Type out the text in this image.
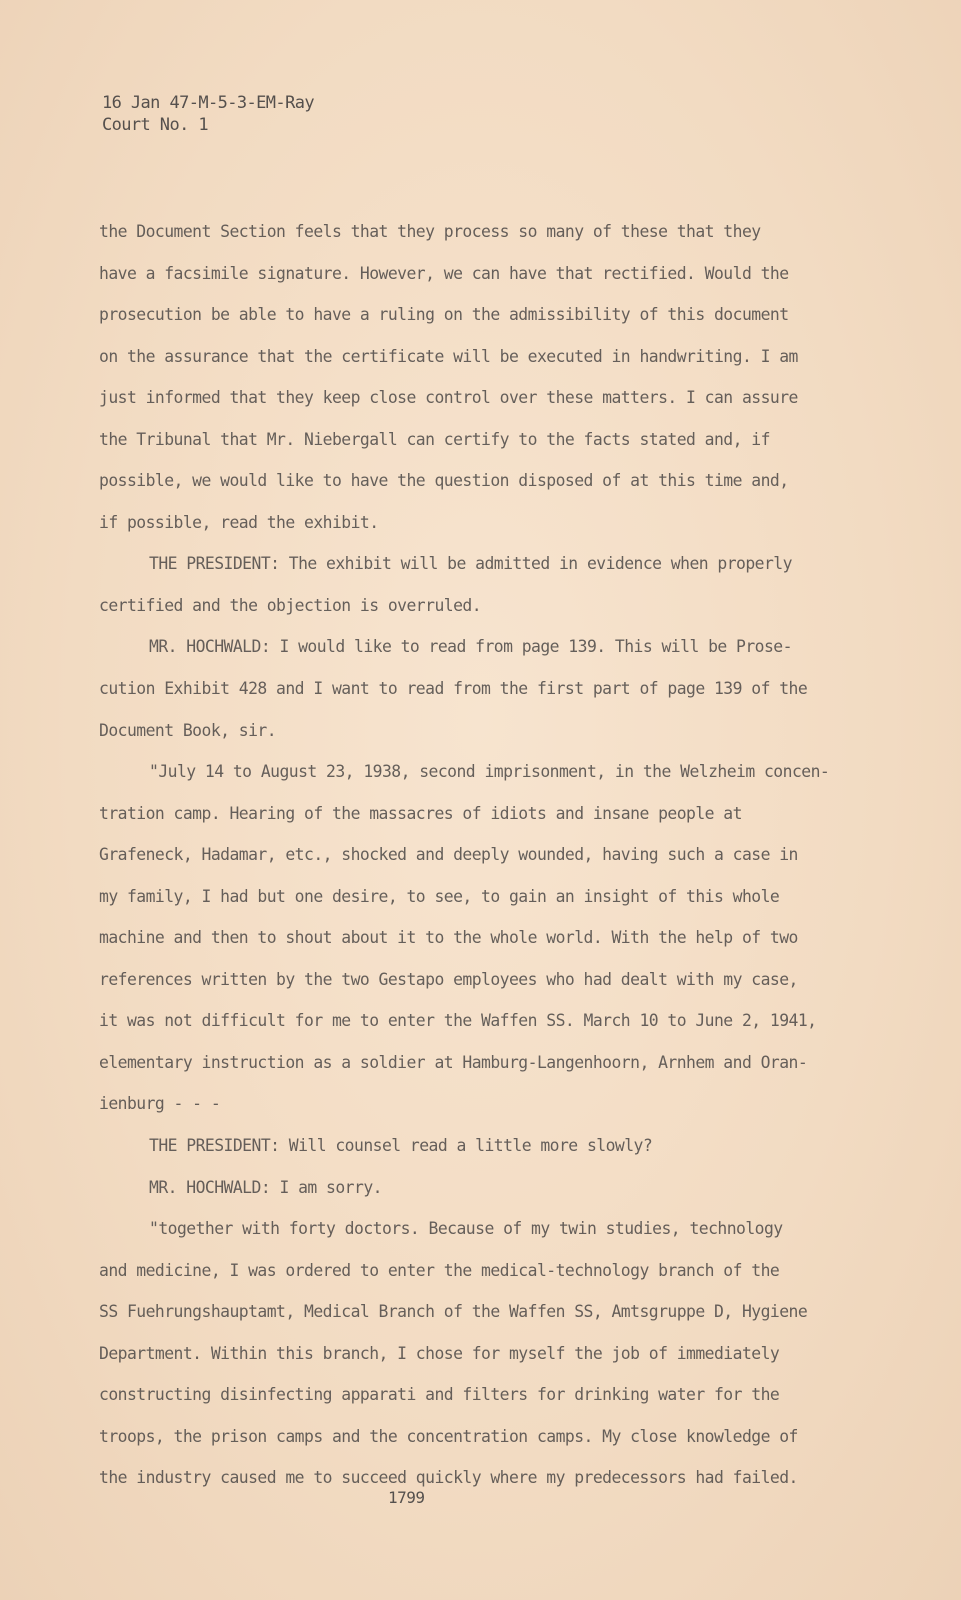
16 Jan 47-M-5-3-EM-Ray
Court No. 1
the Document Section feels that they process so many of these that they
have a facsimile signature. However, we can have that rectified. Would the
prosecution be able to have a ruling on the admissibility of this document
on the assurance that the certificate will be executed in handwriting. I am
just informed that they keep close control over these matters. I can assure
the Tribunal that Mr. Niebergall can certify to the facts stated and, if
possible, we would like to have the question disposed of at this time and,
if possible, read the exhibit.
THE PRESIDENT: The exhibit will be admitted in evidence when properly
certified and the objection is overruled.
MR. HOCHWALD: I would like to read from page 139. This will be Prose-
cution Exhibit 428 and I want to read from the first part of page 139 of the
Document Book, sir.
"July 14 to August 23, 1938, second imprisonment, in the Welzheim concen-
tration camp. Hearing of the massacres of idiots and insane people at
Grafeneck, Hadamar, etc., shocked and deeply wounded, having such a case in
my family, I had but one desire, to see, to gain an insight of this whole
machine and then to shout about it to the whole world. With the help of two
references written by the two Gestapo employees who had dealt with my case,
it was not difficult for me to enter the Waffen SS. March 10 to June 2, 1941,
elementary instruction as a soldier at Hamburg-Langenhoorn, Arnhem and Oran-
ienburg - - -
THE PRESIDENT: Will counsel read a little more slowly?
MR. HOCHWALD: I am sorry.
"together with forty doctors. Because of my twin studies, technology
and medicine, I was ordered to enter the medical-technology branch of the
SS Fuehrungshauptamt, Medical Branch of the Waffen SS, Amtsgruppe D, Hygiene
Department. Within this branch, I chose for myself the job of immediately
constructing disinfecting apparati and filters for drinking water for the
troops, the prison camps and the concentration camps. My close knowledge of
the industry caused me to succeed quickly where my predecessors had failed.
1799
